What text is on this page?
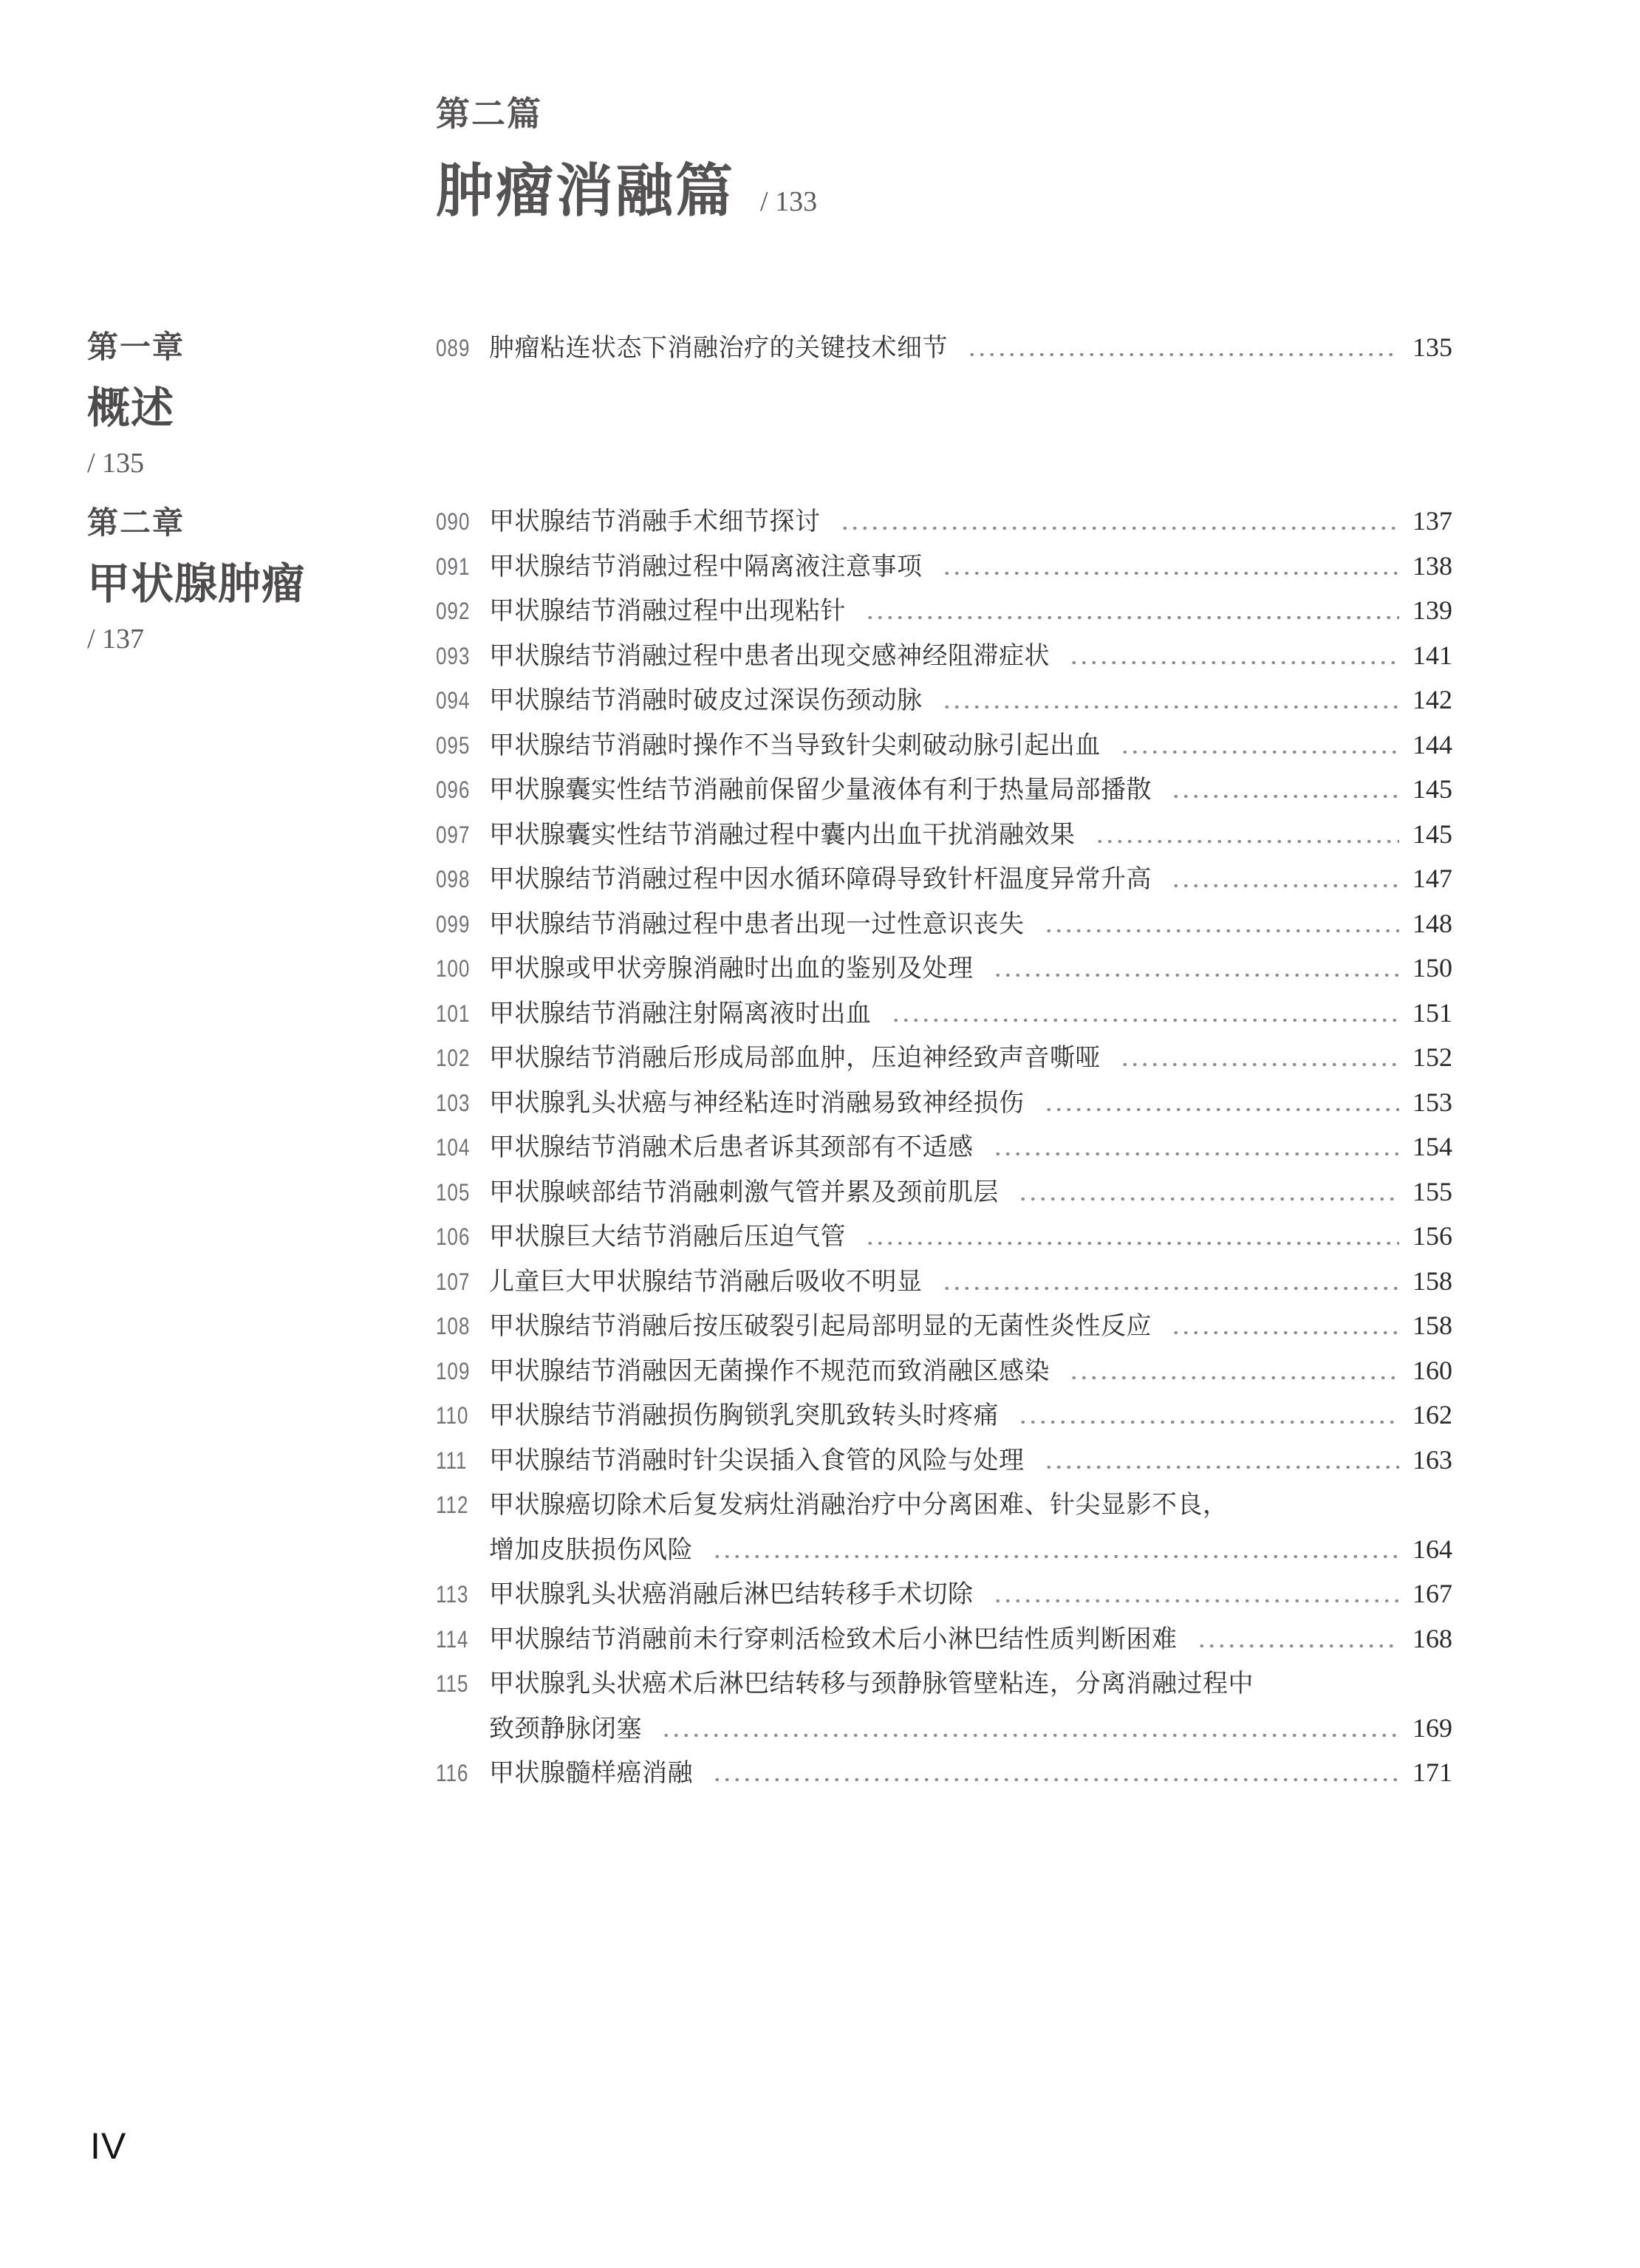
第二篇
肿瘤消融篇 / 133
第一章
概述
/ 135
第二章
甲状腺肿瘤
/ 137
089 肿瘤粘连状态下消融治疗的关键技术细节	135
090 甲状腺结节消融手术细节探讨	137
091 甲状腺结节消融过程中隔离液注意事项	138
092 甲状腺结节消融过程中出现粘针	139
093 甲状腺结节消融过程中患者出现交感神经阻滞症状	141
094 甲状腺结节消融时破皮过深误伤颈动脉	142
095 甲状腺结节消融时操作不当导致针尖刺破动脉引起出血	144
096 甲状腺囊实性结节消融前保留少量液体有利于热量局部播散	145
097 甲状腺囊实性结节消融过程中囊内出血干扰消融效果	145
098 甲状腺结节消融过程中因水循环障碍导致针杆温度异常升高	147
099 甲状腺结节消融过程中患者出现一过性意识丧失	148
100 甲状腺或甲状旁腺消融时出血的鉴别及处理	150
101 甲状腺结节消融注射隔离液时出血	151
102 甲状腺结节消融后形成局部血肿，压迫神经致声音嘶哑	152
103 甲状腺乳头状癌与神经粘连时消融易致神经损伤	153
104 甲状腺结节消融术后患者诉其颈部有不适感	154
105 甲状腺峡部结节消融刺激气管并累及颈前肌层	155
106 甲状腺巨大结节消融后压迫气管	156
107 儿童巨大甲状腺结节消融后吸收不明显	158
108 甲状腺结节消融后按压破裂引起局部明显的无菌性炎性反应	158
109 甲状腺结节消融因无菌操作不规范而致消融区感染	160
110 甲状腺结节消融损伤胸锁乳突肌致转头时疼痛	162
111 甲状腺结节消融时针尖误插入食管的风险与处理	163
112 甲状腺癌切除术后复发病灶消融治疗中分离困难、针尖显影不良，
增加皮肤损伤风险	164
113 甲状腺乳头状癌消融后淋巴结转移手术切除	167
114 甲状腺结节消融前未行穿刺活检致术后小淋巴结性质判断困难	168
115 甲状腺乳头状癌术后淋巴结转移与颈静脉管壁粘连，分离消融过程中
致颈静脉闭塞	169
116 甲状腺髓样癌消融	171
IV
